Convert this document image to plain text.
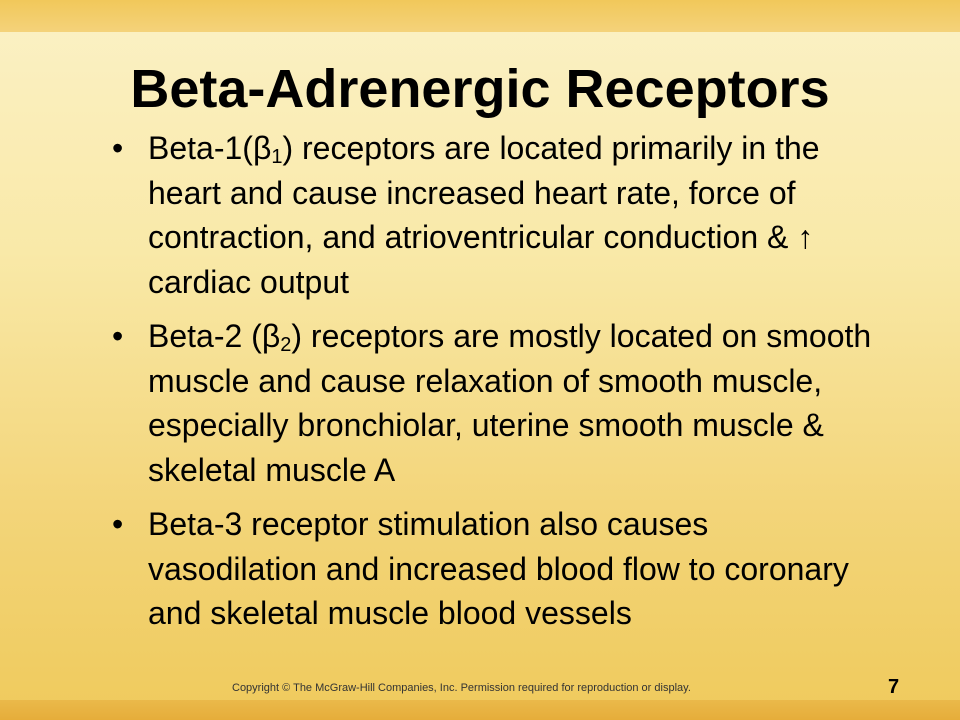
Beta-Adrenergic Receptors
• Beta-$1(\beta_1)$ receptors are located primarily in the heart and cause increased heart rate, force of contraction, and atrioventricular conduction & ↑ cardiac output
• Beta-2 $(\beta_2)$ receptors are mostly located on smooth muscle and cause relaxation of smooth muscle, especially bronchiolar, uterine smooth muscle & skeletal muscle A
• Beta-3 receptor stimulation also causes vasodilation and increased blood flow to coronary and skeletal muscle blood vessels
Copyright © The McGraw-Hill Companies, Inc. Permission required for reproduction or display.	7
